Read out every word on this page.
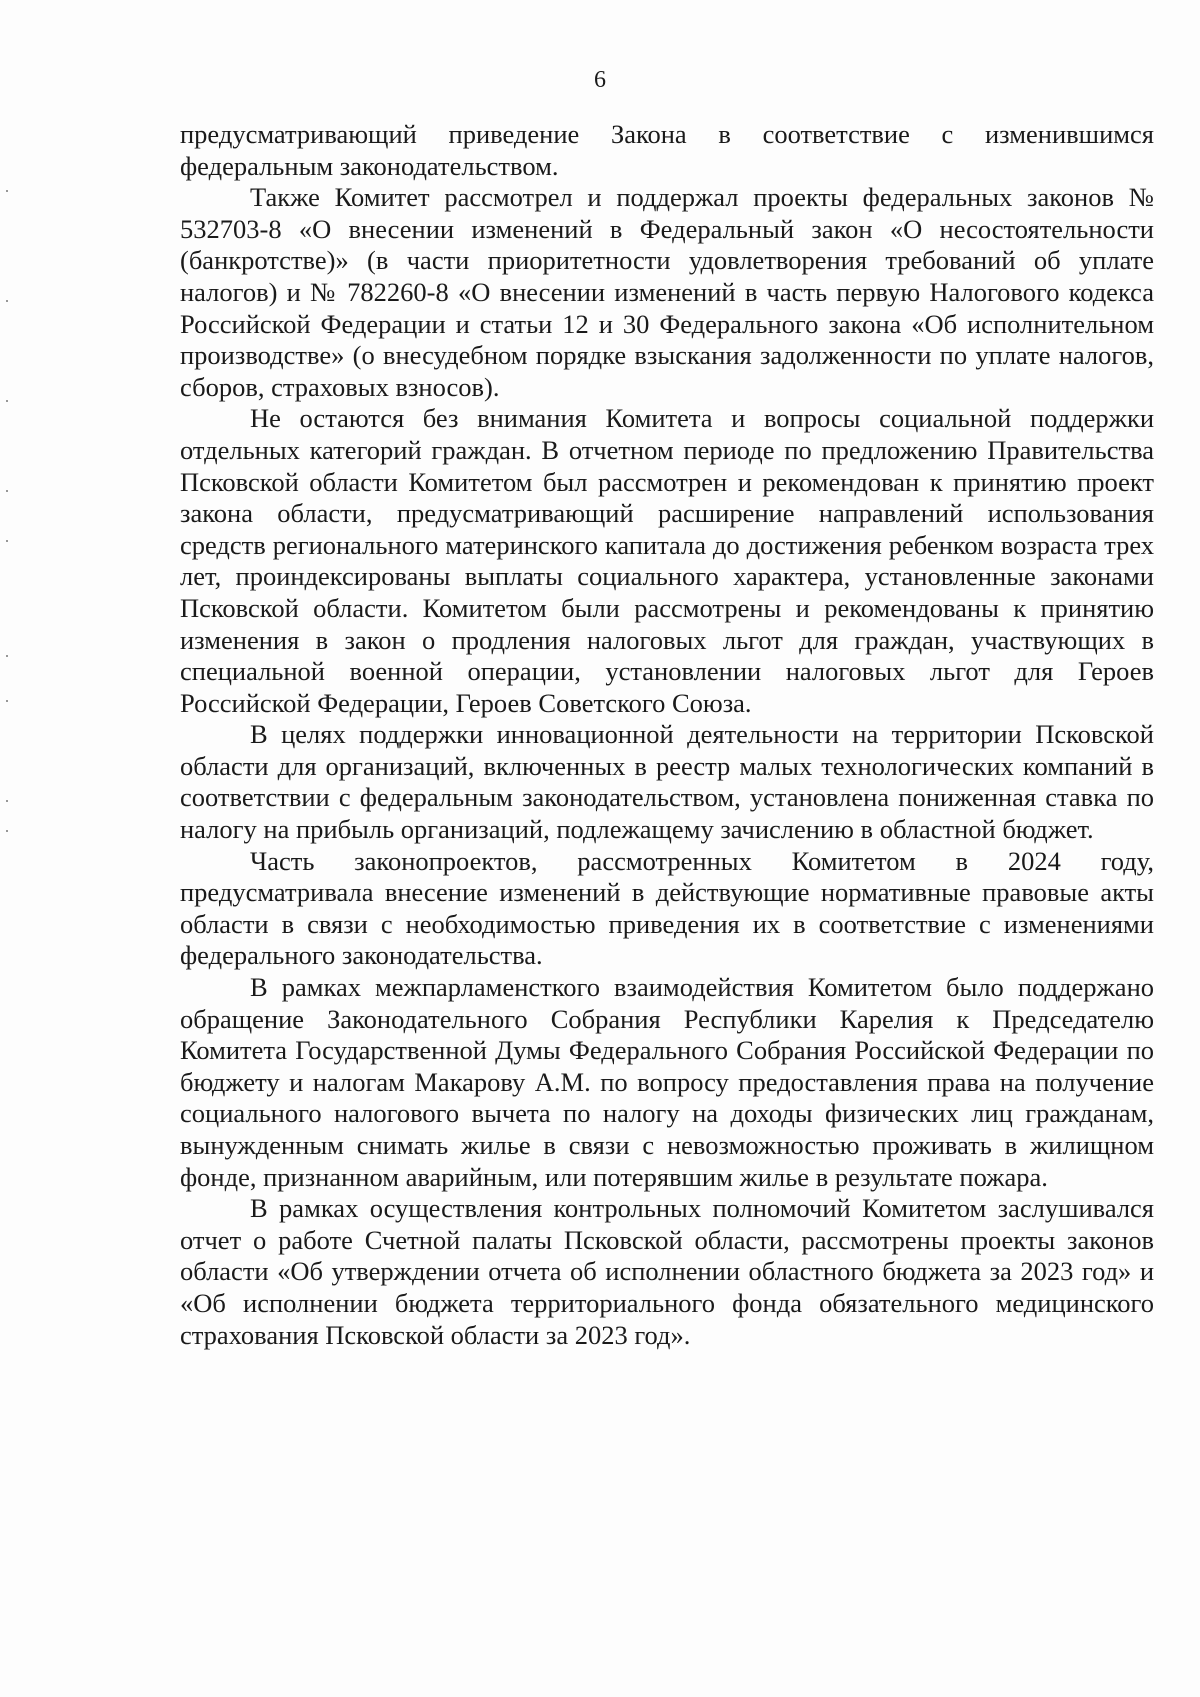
6

предусматривающий приведение Закона в соответствие с изменившимся федеральным законодательством.

Также Комитет рассмотрел и поддержал проекты федеральных законов № 532703-8 «О внесении изменений в Федеральный закон «О несостоятельности (банкротстве)» (в части приоритетности удовлетворения требований об уплате налогов) и № 782260-8 «О внесении изменений в часть первую Налогового кодекса Российской Федерации и статьи 12 и 30 Федерального закона «Об исполнительном производстве» (о внесудебном порядке взыскания задолженности по уплате налогов, сборов, страховых взносов).

Не остаются без внимания Комитета и вопросы социальной поддержки отдельных категорий граждан. В отчетном периоде по предложению Правительства Псковской области Комитетом был рассмотрен и рекомендован к принятию проект закона области, предусматривающий расширение направлений использования средств регионального материнского капитала до достижения ребенком возраста трех лет, проиндексированы выплаты социального характера, установленные законами Псковской области. Комитетом были рассмотрены и рекомендованы к принятию изменения в закон о продления налоговых льгот для граждан, участвующих в специальной военной операции, установлении налоговых льгот для Героев Российской Федерации, Героев Советского Союза.

В целях поддержки инновационной деятельности на территории Псковской области для организаций, включенных в реестр малых технологических компаний в соответствии с федеральным законодательством, установлена пониженная ставка по налогу на прибыль организаций, подлежащему зачислению в областной бюджет.

Часть законопроектов, рассмотренных Комитетом в 2024 году, предусматривала внесение изменений в действующие нормативные правовые акты области в связи с необходимостью приведения их в соответствие с изменениями федерального законодательства.

В рамках межпарламенсткого взаимодействия Комитетом было поддержано обращение Законодательного Собрания Республики Карелия к Председателю Комитета Государственной Думы Федерального Собрания Российской Федерации по бюджету и налогам Макарову А.М. по вопросу предоставления права на получение социального налогового вычета по налогу на доходы физических лиц гражданам, вынужденным снимать жилье в связи с невозможностью проживать в жилищном фонде, признанном аварийным, или потерявшим жилье в результате пожара.

В рамках осуществления контрольных полномочий Комитетом заслушивался отчет о работе Счетной палаты Псковской области, рассмотрены проекты законов области «Об утверждении отчета об исполнении областного бюджета за 2023 год» и «Об исполнении бюджета территориального фонда обязательного медицинского страхования Псковской области за 2023 год».
